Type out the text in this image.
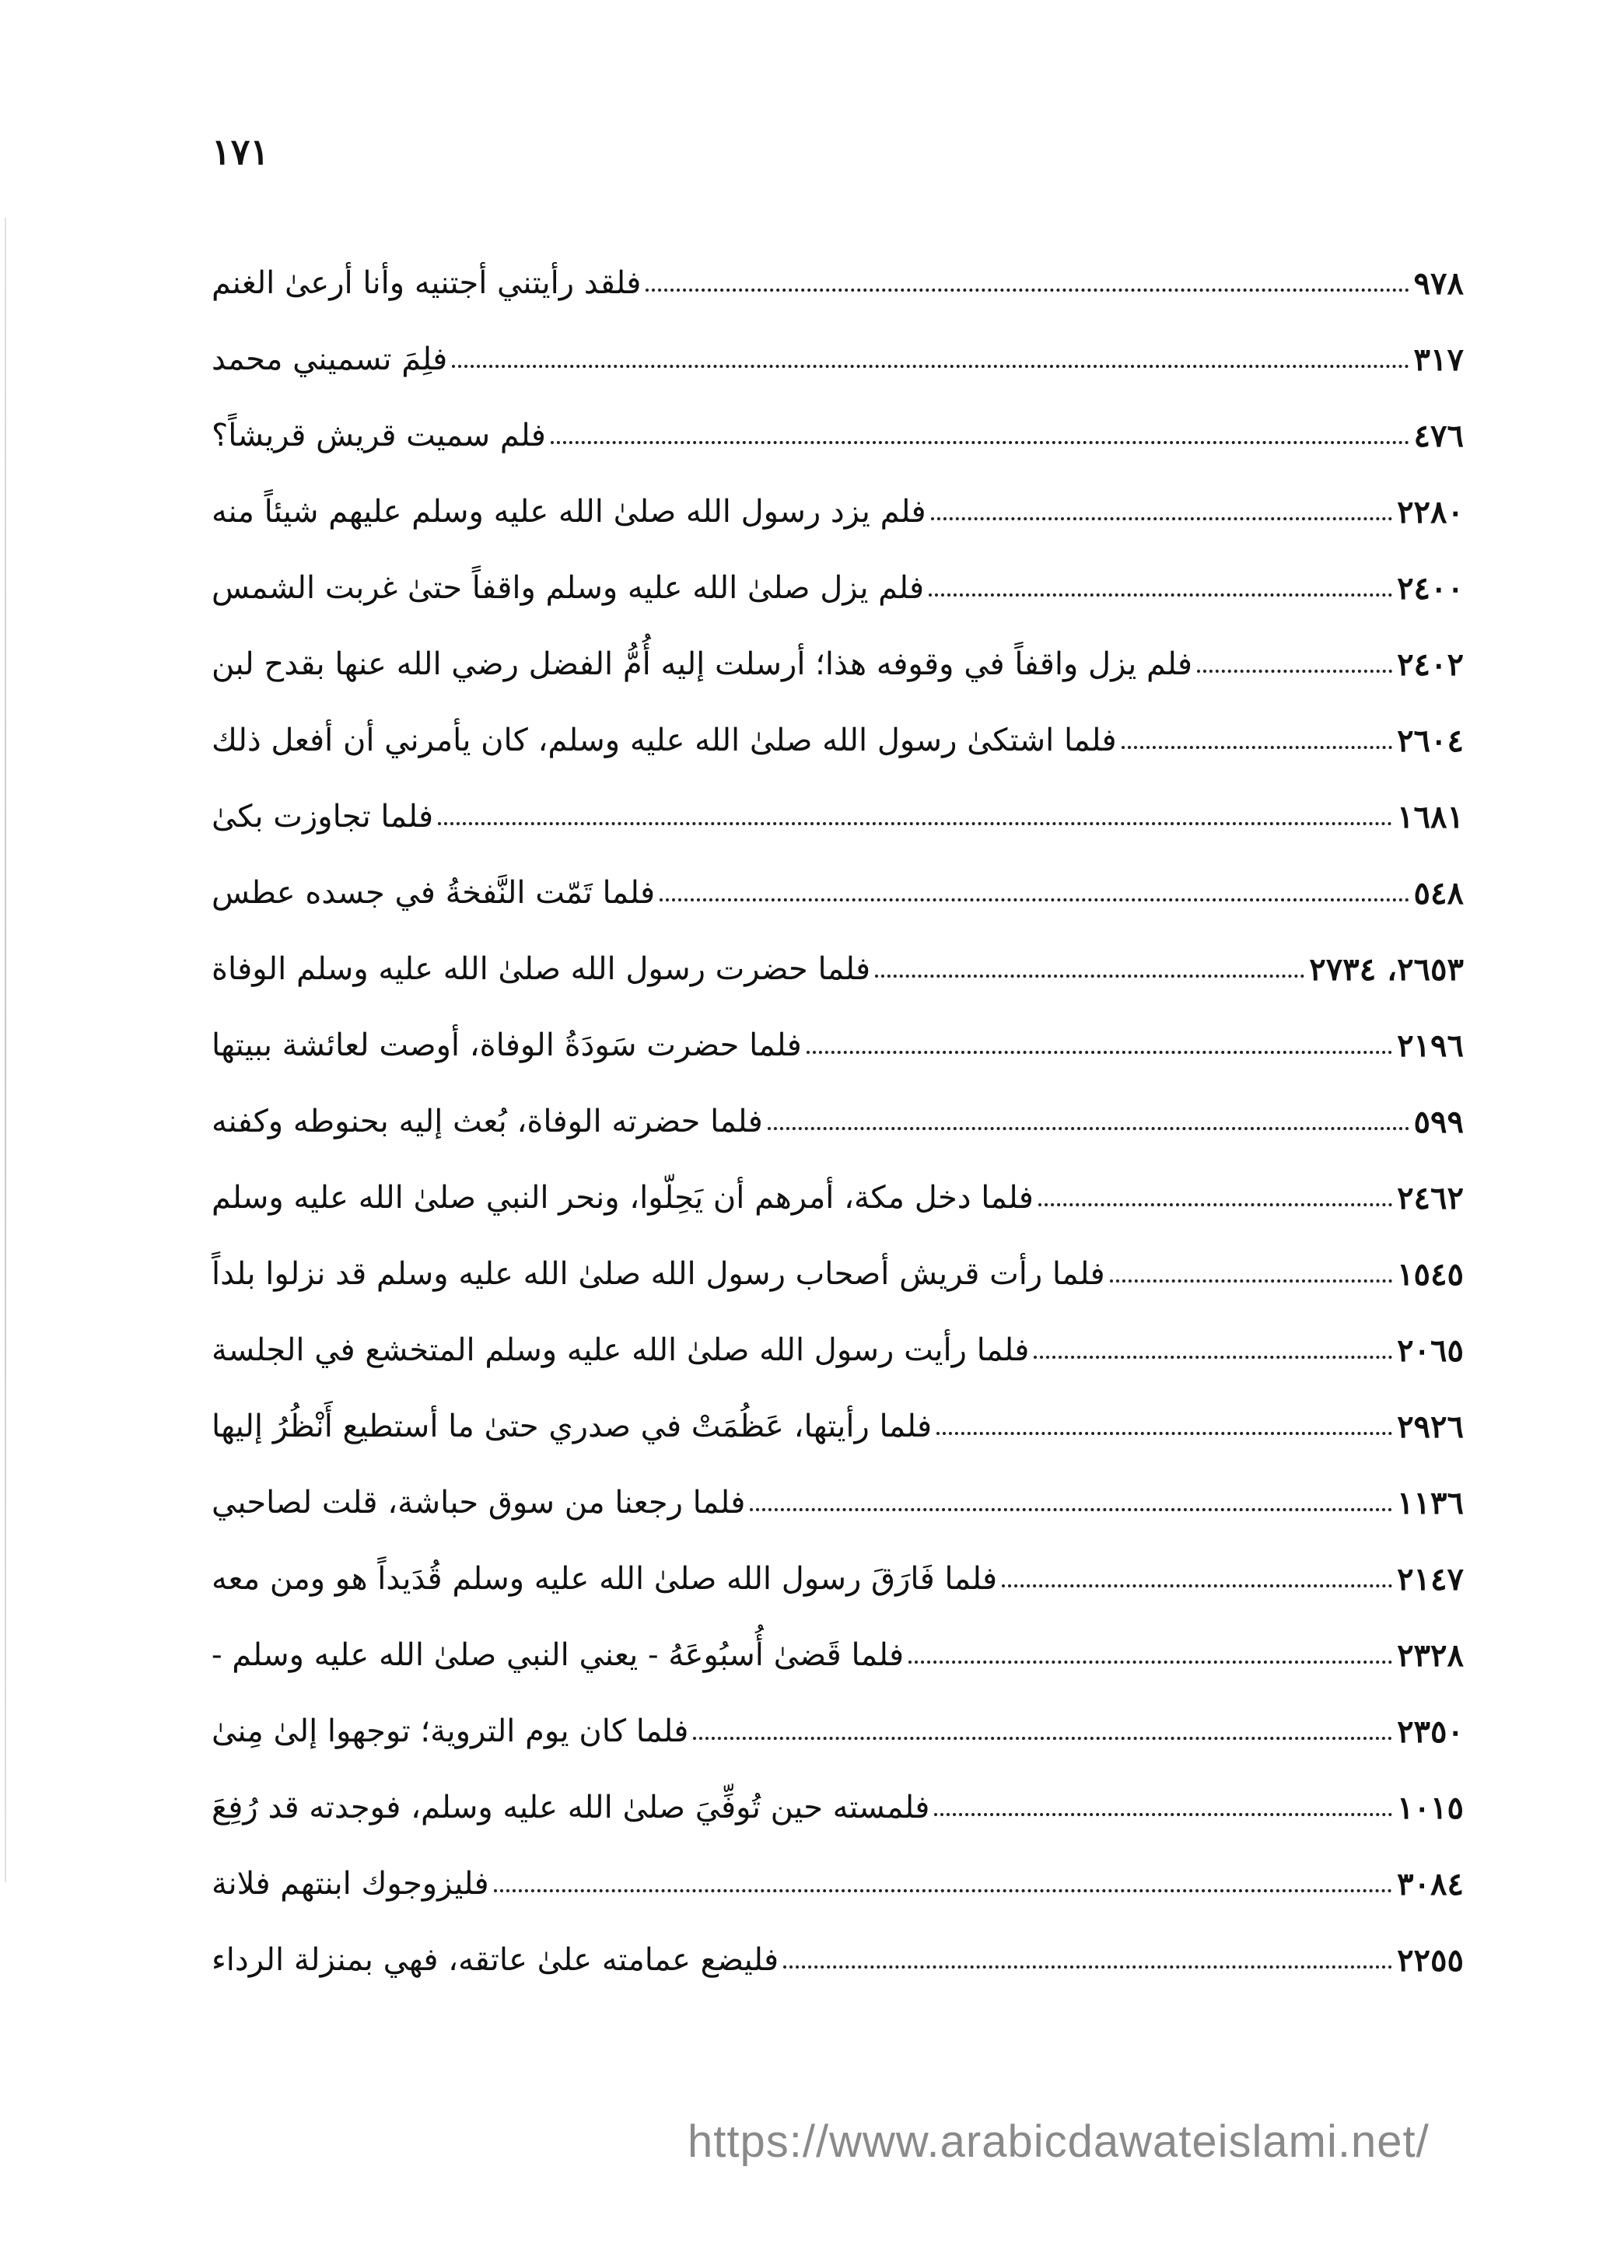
١٧١
فلقد رأيتني أجتنيه وأنا أرعىٰ الغنم	٩٧٨
فلِمَ تسميني محمد	٣١٧
فلم سميت قريش قريشاً؟	٤٧٦
فلم يزد رسول الله صلىٰ الله عليه وسلم عليهم شيئاً منه	٢٢٨٠
فلم يزل صلىٰ الله عليه وسلم واقفاً حتىٰ غربت الشمس	٢٤٠٠
فلم يزل واقفاً في وقوفه هذا؛ أرسلت إليه أُمُّ الفضل رضي الله عنها بقدح لبن	٢٤٠٢
فلما اشتكىٰ رسول الله صلىٰ الله عليه وسلم، كان يأمرني أن أفعل ذلك	٢٦٠٤
فلما تجاوزت بكىٰ	١٦٨١
فلما تَمّت النَّفخةُ في جسده عطس	٥٤٨
فلما حضرت رسول الله صلىٰ الله عليه وسلم الوفاة	٢٦٥٣، ٢٧٣٤
فلما حضرت سَودَةُ الوفاة، أوصت لعائشة ببيتها	٢١٩٦
فلما حضرته الوفاة، بُعث إليه بحنوطه وكفنه	٥٩٩
فلما دخل مكة، أمرهم أن يَحِلّوا، ونحر النبي صلىٰ الله عليه وسلم	٢٤٦٢
فلما رأت قريش أصحاب رسول الله صلىٰ الله عليه وسلم قد نزلوا بلداً	١٥٤٥
فلما رأيت رسول الله صلىٰ الله عليه وسلم المتخشع في الجلسة	٢٠٦٥
فلما رأيتها، عَظُمَتْ في صدري حتىٰ ما أستطيع أَنْظُرُ إليها	٢٩٢٦
فلما رجعنا من سوق حباشة، قلت لصاحبي	١١٣٦
فلما فَارَقَ رسول الله صلىٰ الله عليه وسلم قُدَيداً هو ومن معه	٢١٤٧
فلما قَضىٰ أُسبُوعَهُ - يعني النبي صلىٰ الله عليه وسلم -	٢٣٢٨
فلما كان يوم التروية؛ توجهوا إلىٰ مِنىٰ	٢٣٥٠
فلمسته حين تُوفِّيَ صلىٰ الله عليه وسلم، فوجدته قد رُفِعَ	١٠١٥
فليزوجوك ابنتهم فلانة	٣٠٨٤
فليضع عمامته علىٰ عاتقه، فهي بمنزلة الرداء	٢٢٥٥
https://www.arabicdawateislami.net/
